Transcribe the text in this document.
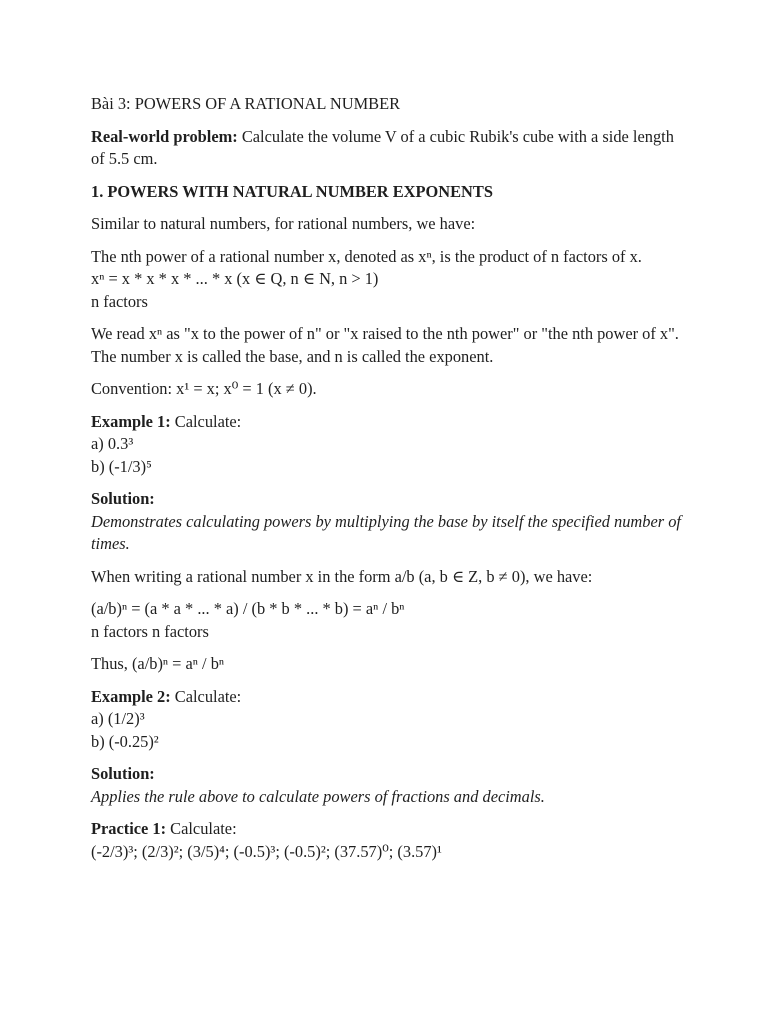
Bài 3: POWERS OF A RATIONAL NUMBER

Real-world problem: Calculate the volume V of a cubic Rubik's cube with a side length of 5.5 cm.

1. POWERS WITH NATURAL NUMBER EXPONENTS

Similar to natural numbers, for rational numbers, we have:

The nth power of a rational number x, denoted as xⁿ, is the product of n factors of x.
xⁿ = x * x * x * ... * x (x ∈ Q, n ∈ N, n > 1)
n factors

We read xⁿ as "x to the power of n" or "x raised to the nth power" or "the nth power of x".
The number x is called the base, and n is called the exponent.

Convention: x¹ = x; x⁰ = 1 (x ≠ 0).

Example 1: Calculate:
a) 0.3³
b) (-1/3)⁵

Solution:
Demonstrates calculating powers by multiplying the base by itself the specified number of times.

When writing a rational number x in the form a/b (a, b ∈ Z, b ≠ 0), we have:

(a/b)ⁿ = (a * a * ... * a) / (b * b * ... * b) = aⁿ / bⁿ
n factors n factors

Thus, (a/b)ⁿ = aⁿ / bⁿ

Example 2: Calculate:
a) (1/2)³
b) (-0.25)²

Solution:
Applies the rule above to calculate powers of fractions and decimals.

Practice 1: Calculate:
(-2/3)³; (2/3)²; (3/5)⁴; (-0.5)³; (-0.5)²; (37.57)⁰; (3.57)¹
